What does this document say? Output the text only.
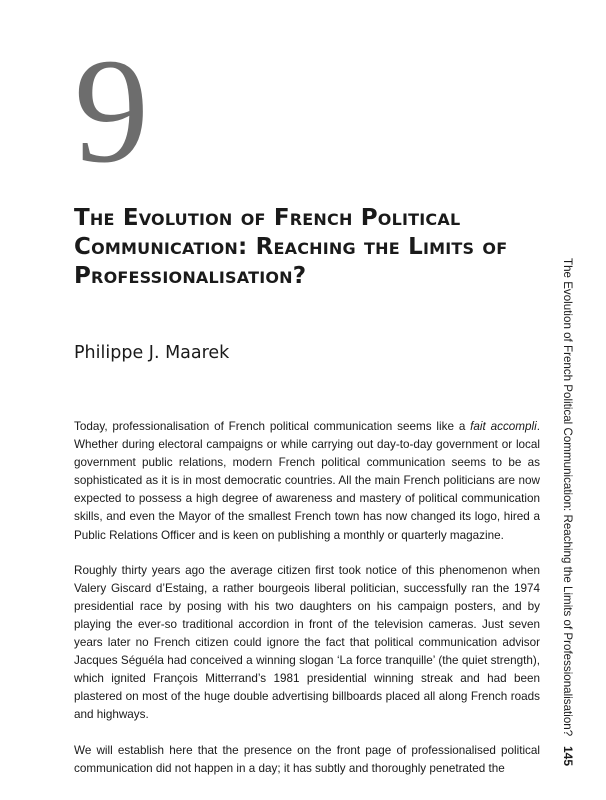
9
The Evolution of French Political Communication: Reaching the Limits of Professionalisation?
Philippe J. Maarek

Today, professionalisation of French political communication seems like a fait accompli. Whether during electoral campaigns or while carrying out day-to-day government or local government public relations, modern French political communication seems to be as sophisticated as it is in most democratic countries. All the main French politicians are now expected to possess a high degree of awareness and mastery of political communication skills, and even the Mayor of the smallest French town has now changed its logo, hired a Public Relations Officer and is keen on publishing a monthly or quarterly magazine.

Roughly thirty years ago the average citizen first took notice of this phenomenon when Valery Giscard d’Estaing, a rather bourgeois liberal politician, successfully ran the 1974 presidential race by posing with his two daughters on his campaign posters, and by playing the ever-so traditional accordion in front of the television cameras. Just seven years later no French citizen could ignore the fact that political communication advisor Jacques Séguéla had conceived a winning slogan ‘La force tranquille’ (the quiet strength), which ignited François Mitterrand’s 1981 presidential winning streak and had been plastered on most of the huge double advertising billboards placed all along French roads and highways.

We will establish here that the presence on the front page of professionalised political communication did not happen in a day; it has subtly and thoroughly penetrated the

The Evolution of French Political Communication: Reaching the Limits of Professionalisation?
145
